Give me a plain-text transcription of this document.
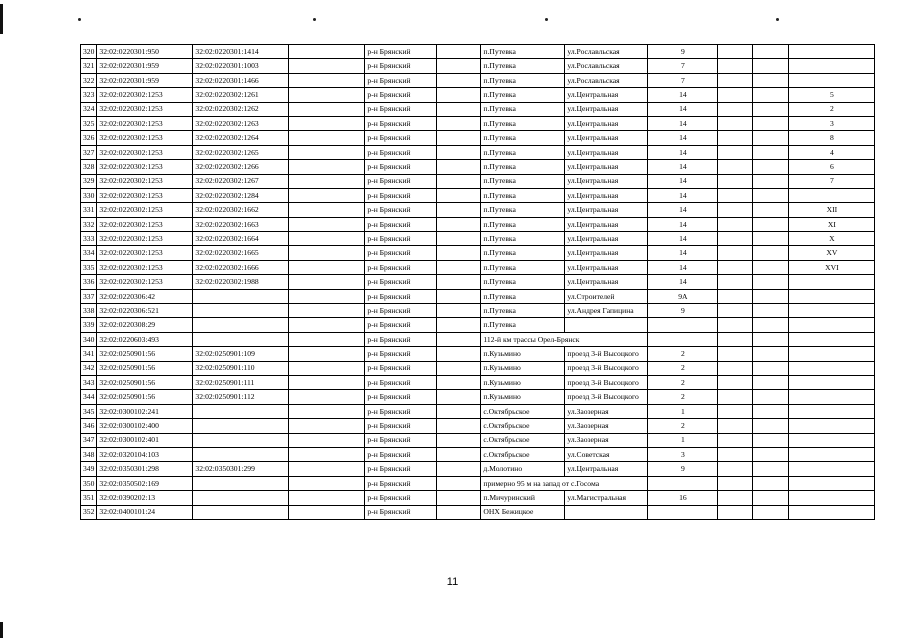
320	32:02:0220301:950	32:02:0220301:1414		р-н Брянский		п.Путевка	ул.Рославльская	9			
321	32:02:0220301:959	32:02:0220301:1003		р-н Брянский		п.Путевка	ул.Рославльская	7			
322	32:02:0220301:959	32:02:0220301:1466		р-н Брянский		п.Путевка	ул.Рославльская	7			
323	32:02:0220302:1253	32:02:0220302:1261		р-н Брянский		п.Путевка	ул.Центральная	14			5
324	32:02:0220302:1253	32:02:0220302:1262		р-н Брянский		п.Путевка	ул.Центральная	14			2
325	32:02:0220302:1253	32:02:0220302:1263		р-н Брянский		п.Путевка	ул.Центральная	14			3
326	32:02:0220302:1253	32:02:0220302:1264		р-н Брянский		п.Путевка	ул.Центральная	14			8
327	32:02:0220302:1253	32:02:0220302:1265		р-н Брянский		п.Путевка	ул.Центральная	14			4
328	32:02:0220302:1253	32:02:0220302:1266		р-н Брянский		п.Путевка	ул.Центральная	14			6
329	32:02:0220302:1253	32:02:0220302:1267		р-н Брянский		п.Путевка	ул.Центральная	14			7
330	32:02:0220302:1253	32:02:0220302:1284		р-н Брянский		п.Путевка	ул.Центральная	14			
331	32:02:0220302:1253	32:02:0220302:1662		р-н Брянский		п.Путевка	ул.Центральная	14			XII
332	32:02:0220302:1253	32:02:0220302:1663		р-н Брянский		п.Путевка	ул.Центральная	14			XI
333	32:02:0220302:1253	32:02:0220302:1664		р-н Брянский		п.Путевка	ул.Центральная	14			X
334	32:02:0220302:1253	32:02:0220302:1665		р-н Брянский		п.Путевка	ул.Центральная	14			XV
335	32:02:0220302:1253	32:02:0220302:1666		р-н Брянский		п.Путевка	ул.Центральная	14			XVI
336	32:02:0220302:1253	32:02:0220302:1988		р-н Брянский		п.Путевка	ул.Центральная	14			
337	32:02:0220306:42			р-н Брянский		п.Путевка	ул.Строителей	9А			
338	32:02:0220306:521			р-н Брянский		п.Путевка	ул.Андрея Гапицина	9			
339	32:02:0220308:29			р-н Брянский		п.Путевка					
340	32:02:0220603:493			р-н Брянский		112-й км трассы Орел-Брянск					
341	32:02:0250901:56	32:02:0250901:109		р-н Брянский		п.Кузьмино	проезд 3-й Высоцкого	2			
342	32:02:0250901:56	32:02:0250901:110		р-н Брянский		п.Кузьмино	проезд 3-й Высоцкого	2			
343	32:02:0250901:56	32:02:0250901:111		р-н Брянский		п.Кузьмино	проезд 3-й Высоцкого	2			
344	32:02:0250901:56	32:02:0250901:112		р-н Брянский		п.Кузьмино	проезд 3-й Высоцкого	2			
345	32:02:0300102:241			р-н Брянский		с.Октябрьское	ул.Заозерная	1			
346	32:02:0300102:400			р-н Брянский		с.Октябрьское	ул.Заозерная	2			
347	32:02:0300102:401			р-н Брянский		с.Октябрьское	ул.Заозерная	1			
348	32:02:0320104:103			р-н Брянский		с.Октябрьское	ул.Советская	3			
349	32:02:0350301:298	32:02:0350301:299		р-н Брянский		д.Молотино	ул.Центральная	9			
350	32:02:0350502:169			р-н Брянский		примерно 95 м на запад от с.Госома					
351	32:02:0390202:13			р-н Брянский		п.Мичуринский	ул.Магистральная	16			
352	32:02:0400101:24			р-н Брянский		ОНХ Бежицкое					
11
